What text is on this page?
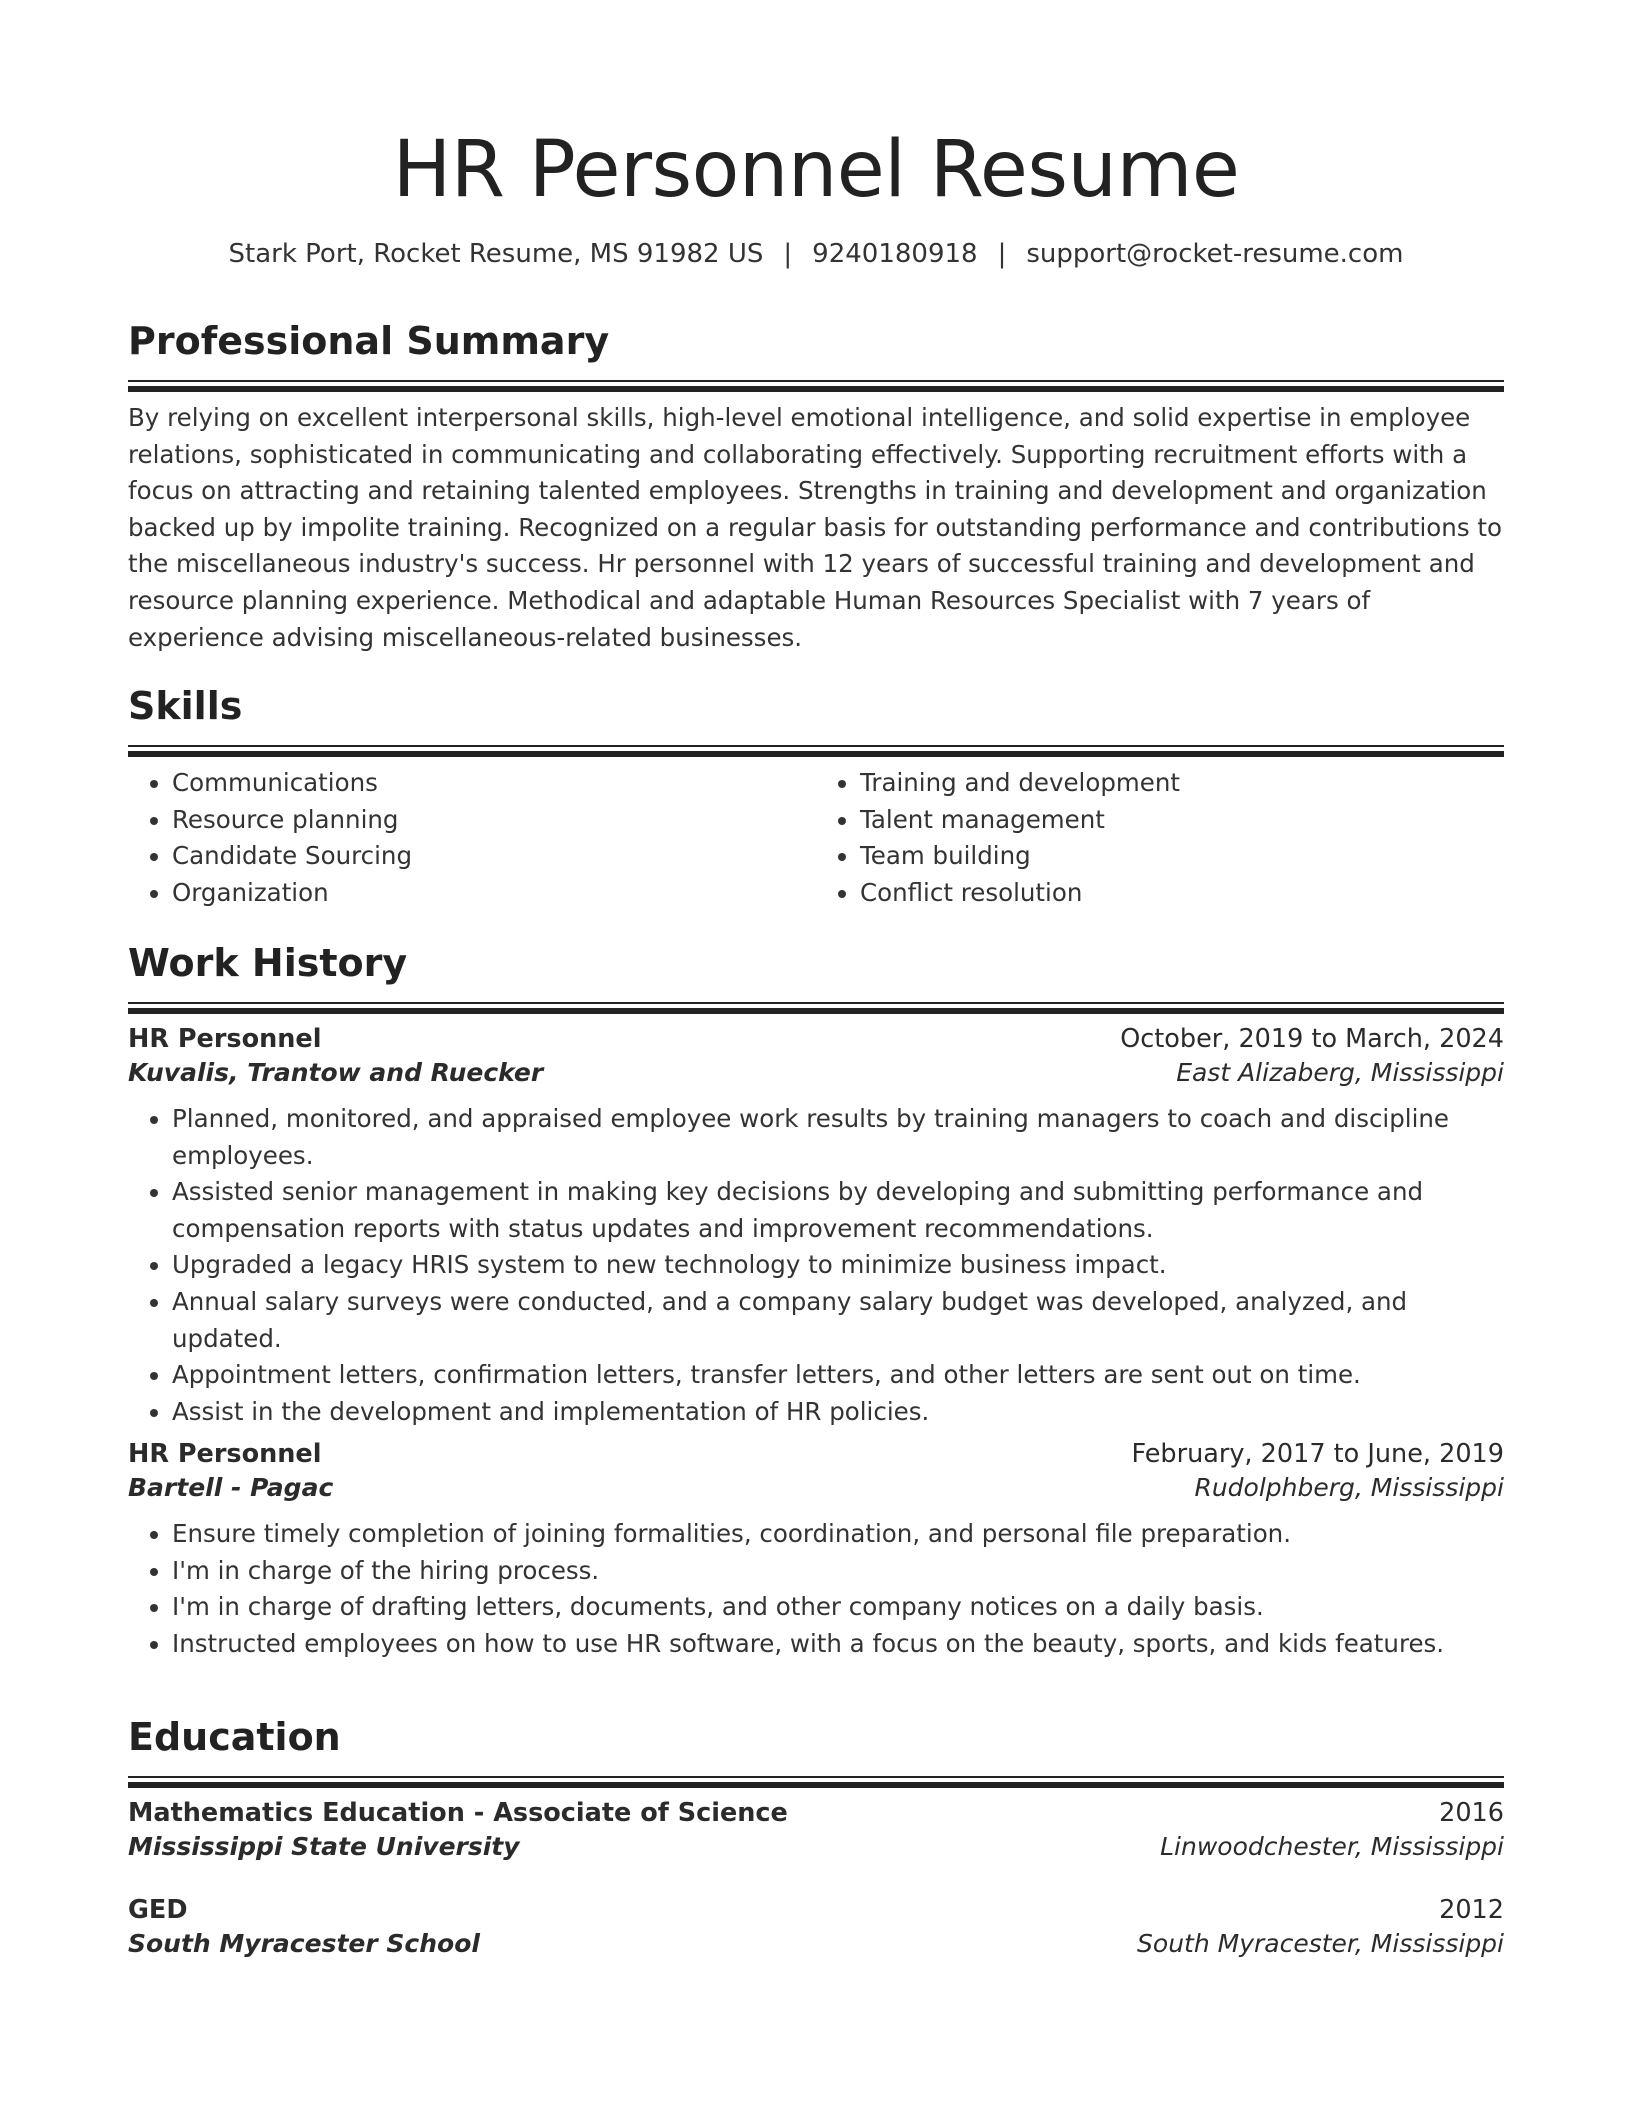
HR Personnel Resume
Stark Port, Rocket Resume, MS 91982 US | 9240180918 | support@rocket-resume.com
Professional Summary

By relying on excellent interpersonal skills, high-level emotional intelligence, and solid expertise in employee relations, sophisticated in communicating and collaborating effectively. Supporting recruitment efforts with a focus on attracting and retaining talented employees. Strengths in training and development and organization backed up by impolite training. Recognized on a regular basis for outstanding performance and contributions to the miscellaneous industry's success. Hr personnel with 12 years of successful training and development and resource planning experience. Methodical and adaptable Human Resources Specialist with 7 years of experience advising miscellaneous-related businesses.

Skills
• Communications
• Resource planning
• Candidate Sourcing
• Organization
• Training and development
• Talent management
• Team building
• Conflict resolution
Work History
HR Personnel	October, 2019 to March, 2024
Kuvalis, Trantow and Ruecker	East Alizaberg, Mississippi
• Planned, monitored, and appraised employee work results by training managers to coach and discipline employees.
• Assisted senior management in making key decisions by developing and submitting performance and compensation reports with status updates and improvement recommendations.
• Upgraded a legacy HRIS system to new technology to minimize business impact.
• Annual salary surveys were conducted, and a company salary budget was developed, analyzed, and updated.
• Appointment letters, confirmation letters, transfer letters, and other letters are sent out on time.
• Assist in the development and implementation of HR policies.
HR Personnel	February, 2017 to June, 2019
Bartell - Pagac	Rudolphberg, Mississippi
• Ensure timely completion of joining formalities, coordination, and personal file preparation.
• I'm in charge of the hiring process.
• I'm in charge of drafting letters, documents, and other company notices on a daily basis.
• Instructed employees on how to use HR software, with a focus on the beauty, sports, and kids features.
Education
Mathematics Education - Associate of Science	2016
Mississippi State University	Linwoodchester, Mississippi
GED	2012
South Myracester School	South Myracester, Mississippi
